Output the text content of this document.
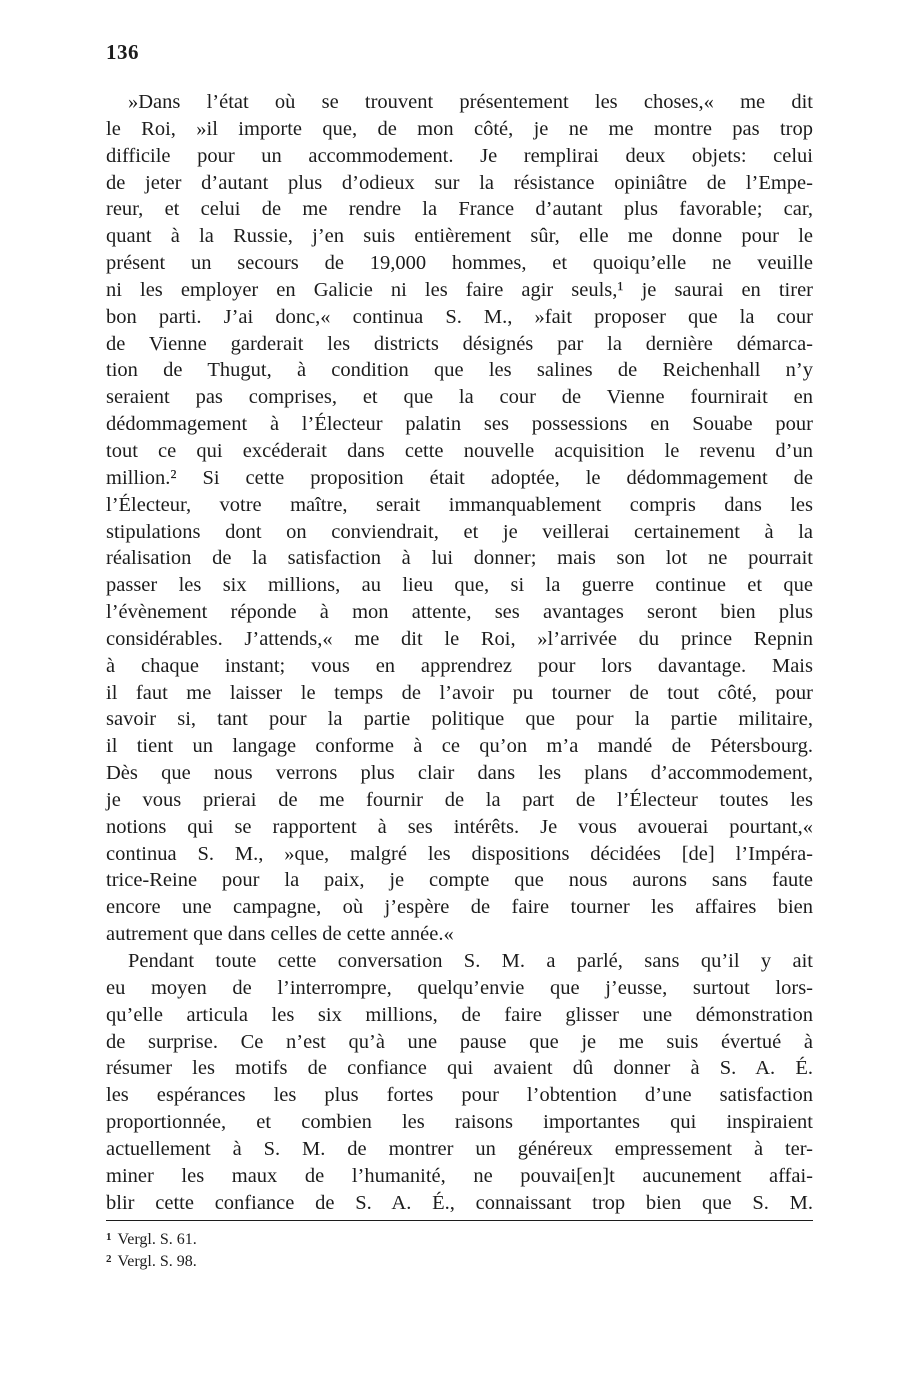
136
»Dans l’état où se trouvent présentement les choses,« me dit
le Roi, »il importe que, de mon côté, je ne me montre pas trop
difficile pour un accommodement. Je remplirai deux objets: celui
de jeter d’autant plus d’odieux sur la résistance opiniâtre de l’Empe-
reur, et celui de me rendre la France d’autant plus favorable; car,
quant à la Russie, j’en suis entièrement sûr, elle me donne pour le
présent un secours de 19,000 hommes, et quoiqu’elle ne veuille
ni les employer en Galicie ni les faire agir seuls,¹ je saurai en tirer
bon parti. J’ai donc,« continua S. M., »fait proposer que la cour
de Vienne garderait les districts désignés par la dernière démarca-
tion de Thugut, à condition que les salines de Reichenhall n’y
seraient pas comprises, et que la cour de Vienne fournirait en
dédommagement à l’Électeur palatin ses possessions en Souabe pour
tout ce qui excéderait dans cette nouvelle acquisition le revenu d’un
million.² Si cette proposition était adoptée, le dédommagement de
l’Électeur, votre maître, serait immanquablement compris dans les
stipulations dont on conviendrait, et je veillerai certainement à la
réalisation de la satisfaction à lui donner; mais son lot ne pourrait
passer les six millions, au lieu que, si la guerre continue et que
l’évènement réponde à mon attente, ses avantages seront bien plus
considérables. J’attends,« me dit le Roi, »l’arrivée du prince Repnin
à chaque instant; vous en apprendrez pour lors davantage. Mais
il faut me laisser le temps de l’avoir pu tourner de tout côté, pour
savoir si, tant pour la partie politique que pour la partie militaire,
il tient un langage conforme à ce qu’on m’a mandé de Pétersbourg.
Dès que nous verrons plus clair dans les plans d’accommodement,
je vous prierai de me fournir de la part de l’Électeur toutes les
notions qui se rapportent à ses intérêts. Je vous avouerai pourtant,«
continua S. M., »que, malgré les dispositions décidées [de] l’Impéra-
trice-Reine pour la paix, je compte que nous aurons sans faute
encore une campagne, où j’espère de faire tourner les affaires bien
autrement que dans celles de cette année.«
Pendant toute cette conversation S. M. a parlé, sans qu’il y ait
eu moyen de l’interrompre, quelqu’envie que j’eusse, surtout lors-
qu’elle articula les six millions, de faire glisser une démonstration
de surprise. Ce n’est qu’à une pause que je me suis évertué à
résumer les motifs de confiance qui avaient dû donner à S. A. É.
les espérances les plus fortes pour l’obtention d’une satisfaction
proportionnée, et combien les raisons importantes qui inspiraient
actuellement à S. M. de montrer un généreux empressement à ter-
miner les maux de l’humanité, ne pouvai[en]t aucunement affai-
blir cette confiance de S. A. É., connaissant trop bien que S. M.
$^1$ Vergl. S. 61.
$^2$ Vergl. S. 98.
